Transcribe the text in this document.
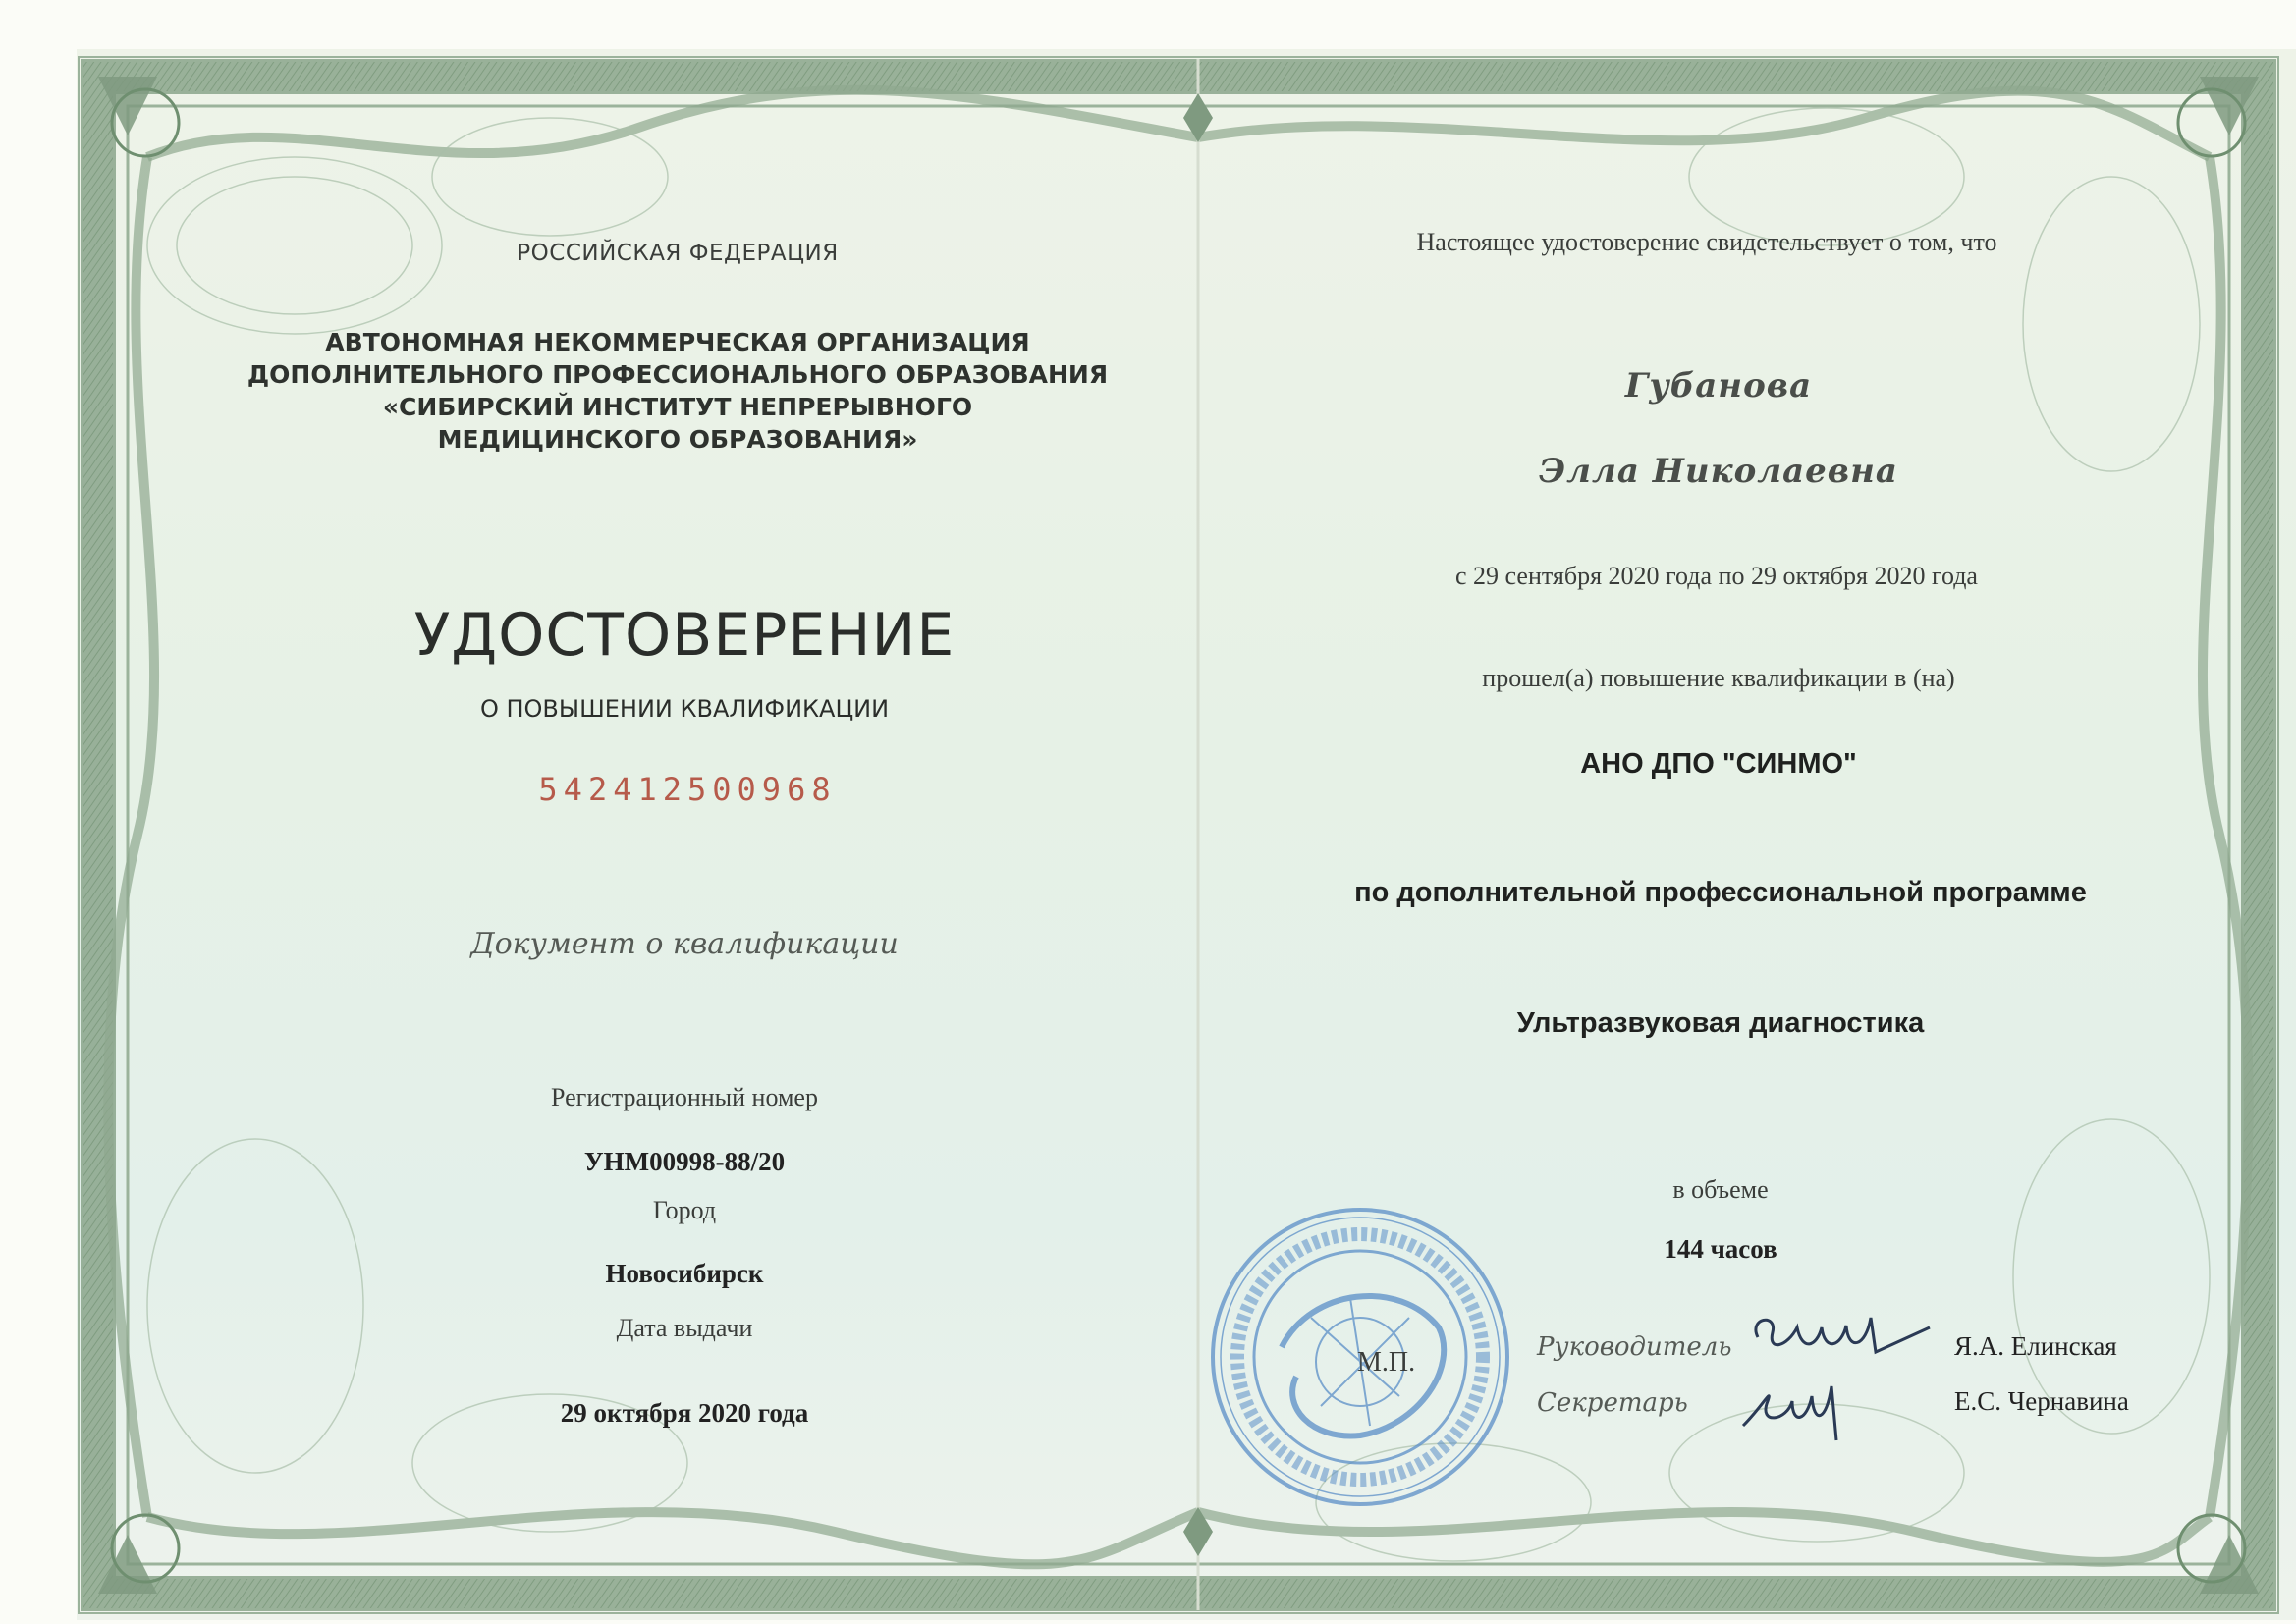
РОССИЙСКАЯ ФЕДЕРАЦИЯ
АВТОНОМНАЯ НЕКОММЕРЧЕСКАЯ ОРГАНИЗАЦИЯ
ДОПОЛНИТЕЛЬНОГО ПРОФЕССИОНАЛЬНОГО ОБРАЗОВАНИЯ
«СИБИРСКИЙ ИНСТИТУТ НЕПРЕРЫВНОГО
МЕДИЦИНСКОГО ОБРАЗОВАНИЯ»
УДОСТОВЕРЕНИЕ
О ПОВЫШЕНИИ КВАЛИФИКАЦИИ
542412500968
Документ о квалификации
Регистрационный номер
УНМ00998-88/20
Город
Новосибирск
Дата выдачи
29 октября 2020 года
Настоящее удостоверение свидетельствует о том, что
Губанова
Элла Николаевна
с 29 сентября 2020 года по 29 октября 2020 года
прошел(а) повышение квалификации в (на)
АНО ДПО "СИНМО"
по дополнительной профессиональной программе
Ультразвуковая диагностика
в объеме
144 часов
М.П.	Руководитель	Я.А. Елинская
Секретарь	Е.С. Чернавина
